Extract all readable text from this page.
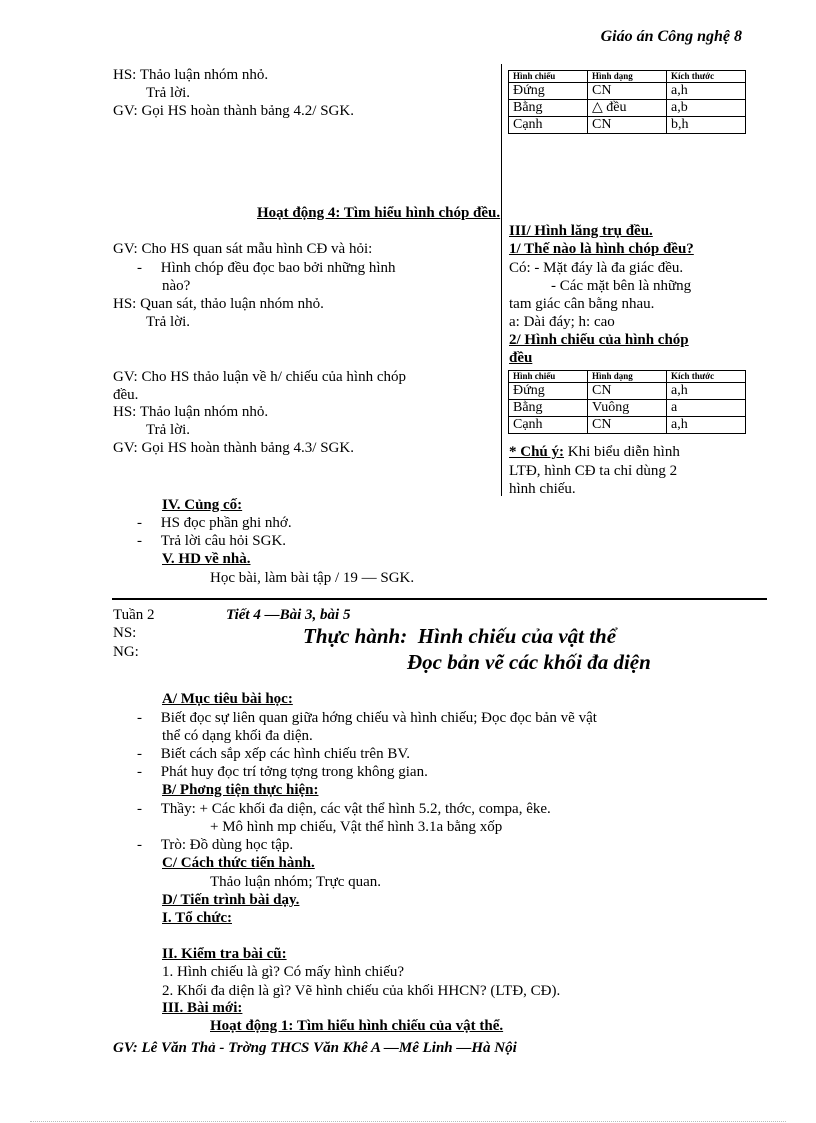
Giáo án Công nghệ 8
HS: Thảo luận nhóm nhỏ.
Trả lời.
GV: Gọi HS hoàn thành bảng 4.2/ SGK.
Hình chiếu	Hình dạng	Kích thước
Đứng	CN	a,h
Bằng	△ đều	a,b
Cạnh	CN	b,h
Hoạt động 4: Tìm hiểu hình chóp đều.
GV: Cho HS quan sát mẫu hình CĐ và hỏi:
-     Hình chóp đều đọc bao bởi những hình
nào?
HS: Quan sát, thảo luận nhóm nhỏ.
Trả lời.
GV: Cho HS thảo luận về h/ chiếu của hình chóp
đều.
HS: Thảo luận nhóm nhỏ.
Trả lời.
GV: Gọi HS hoàn thành bảng 4.3/ SGK.
III/ Hình lăng trụ đều.
1/ Thế nào là hình chóp đều?
Có: - Mặt đáy là đa giác đều.
- Các mặt bên là những
tam giác cân bằng nhau.
a: Dài đáy; h: cao
2/ Hình chiếu của hình chóp
đều
Hình chiếu	Hình dạng	Kích thước
Đứng	CN	a,h
Bằng	Vuông	a
Cạnh	CN	a,h
* Chú ý: Khi biểu diễn hình
LTĐ, hình CĐ ta chỉ dùng 2
hình chiếu.
IV. Củng cố:
-     HS đọc phần ghi nhớ.
-     Trả lời câu hỏi SGK.
V. HD về nhà.
Học bài, làm bài tập / 19 — SGK.
Tuần 2	Tiết 4 —Bài 3, bài 5
NS:
NG:
Thực hành: Hình chiếu của vật thể
Đọc bản vẽ các khối đa diện
A/ Mục tiêu bài học:
-     Biết đọc sự liên quan giữa hớng chiếu và hình chiếu; Đọc đọc bản vẽ vật
thể có dạng khối đa diện.
-     Biết cách sắp xếp các hình chiếu trên BV.
-     Phát huy đọc trí tởng tợng trong không gian.
B/ Phơng tiện thực hiện:
-     Thầy: + Các khối đa diện, các vật thể hình 5.2, thớc, compa, êke.
+ Mô hình mp chiếu, Vật thể hình 3.1a bằng xốp
-     Trò: Đồ dùng học tập.
C/ Cách thức tiến hành.
Thảo luận nhóm; Trực quan.
D/ Tiến trình bài dạy.
I. Tổ chức:
II. Kiểm tra bài cũ:
1. Hình chiếu là gì? Có mấy hình chiếu?
2. Khối đa diện là gì? Vẽ hình chiếu của khối HHCN? (LTĐ, CĐ).
III. Bài mới:
Hoạt động 1: Tìm hiểu hình chiếu của vật thể.
GV: Lê Văn Thả - Trờng THCS Văn Khê A —Mê Linh —Hà Nội
